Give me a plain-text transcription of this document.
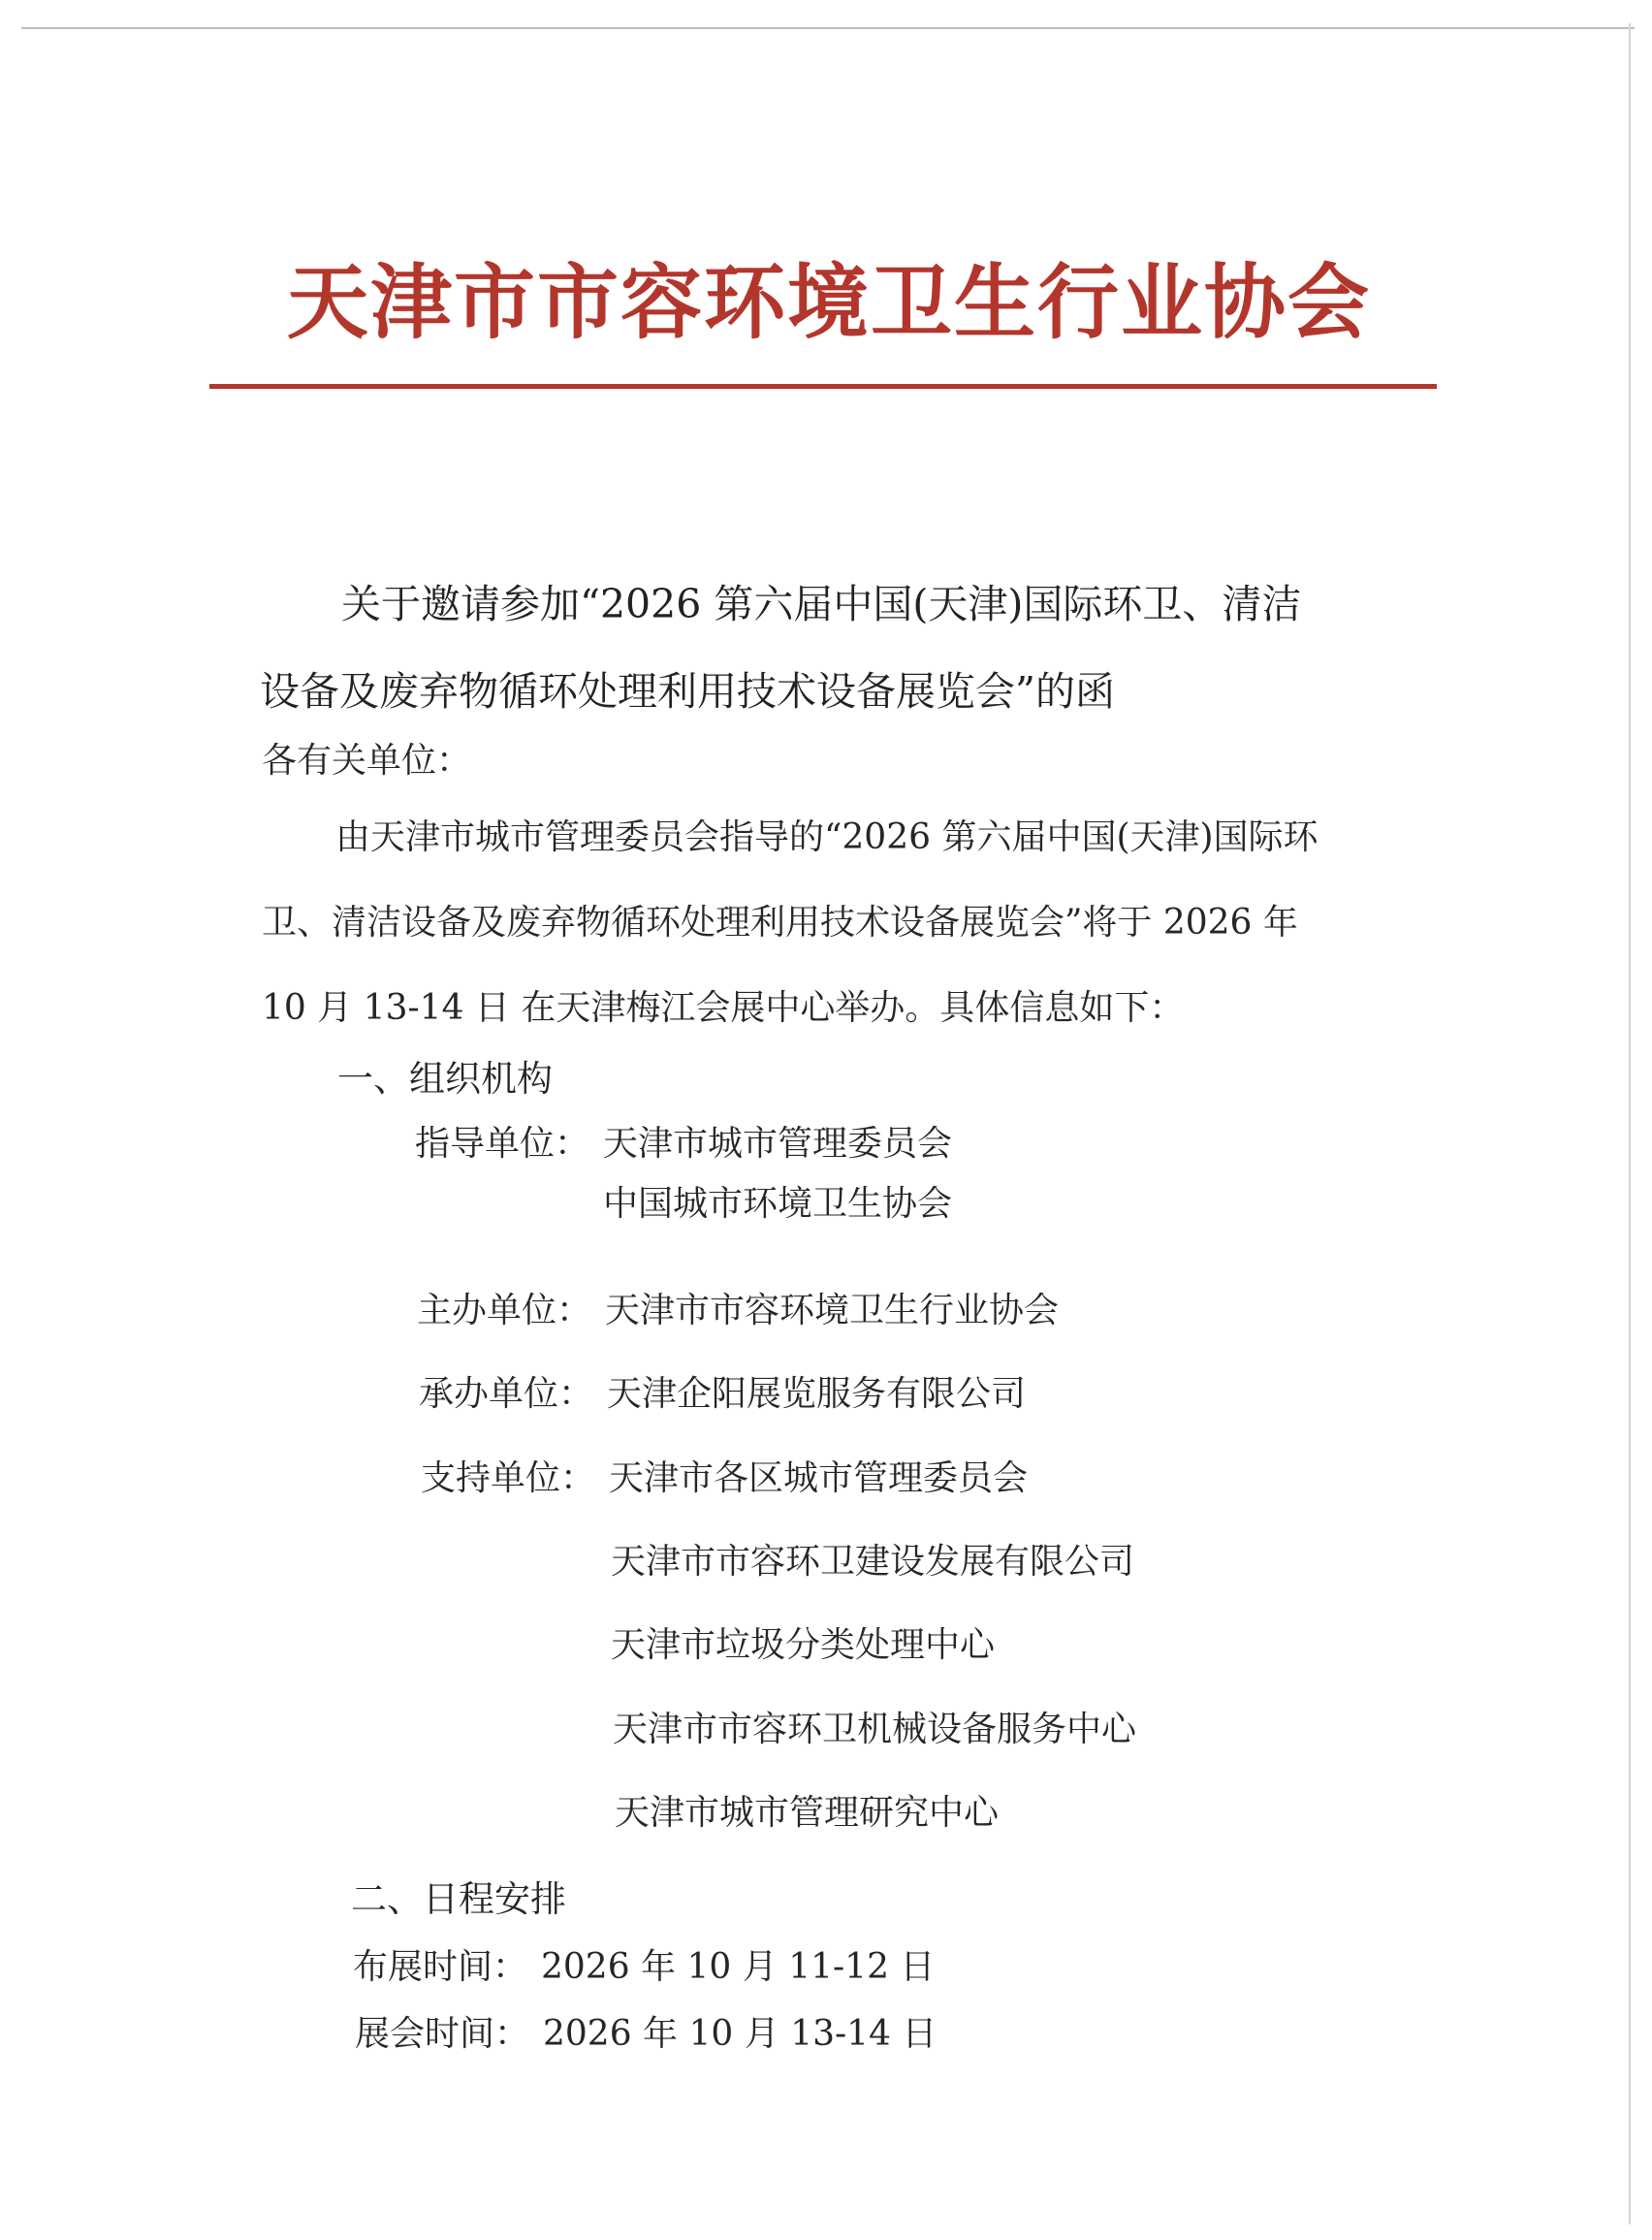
天津市市容环境卫生行业协会
关于邀请参加“2026 第六届中国(天津)国际环卫、清洁
设备及废弃物循环处理利用技术设备展览会”的函
各有关单位：
由天津市城市管理委员会指导的“2026 第六届中国(天津)国际环
卫、清洁设备及废弃物循环处理利用技术设备展览会”将于 2026 年
10 月 13-14 日 在天津梅江会展中心举办。具体信息如下：
一、组织机构
指导单位： 天津市城市管理委员会
中国城市环境卫生协会
主办单位： 天津市市容环境卫生行业协会
承办单位： 天津企阳展览服务有限公司
支持单位： 天津市各区城市管理委员会
天津市市容环卫建设发展有限公司
天津市垃圾分类处理中心
天津市市容环卫机械设备服务中心
天津市城市管理研究中心
二、日程安排
布展时间： 2026 年 10 月 11-12 日
展会时间： 2026 年 10 月 13-14 日
